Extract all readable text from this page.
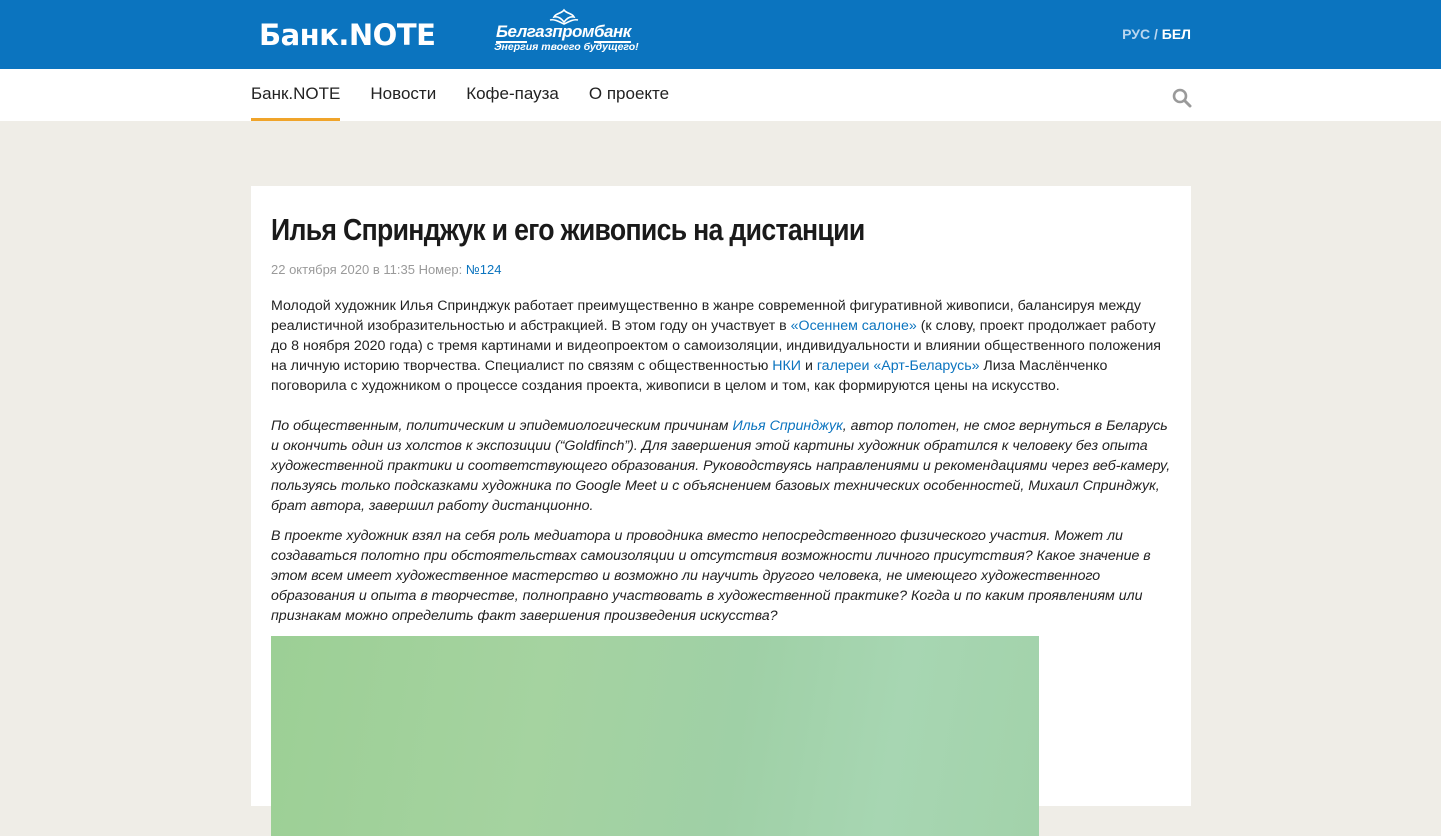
Банк.NOTE	Белгазпромбанк
Энергия твоего будущего!
РУС / БЕЛ
Банк.NOTE Новости Кофе-пауза О проекте
Илья Спринджук и его живопись на дистанции
22 октября 2020 в 11:35 Номер: №124

Молодой художник Илья Спринджук работает преимущественно в жанре современной фигуративной живописи, балансируя между реалистичной изобразительностью и абстракцией. В этом году он участвует в «Осеннем салоне» (к слову, проект продолжает работу до 8 ноября 2020 года) с тремя картинами и видеопроектом о самоизоляции, индивидуальности и влиянии общественного положения на личную историю творчества. Специалист по связям с общественностью НКИ и галереи «Арт-Беларусь» Лиза Маслёнченко поговорила с художником о процессе создания проекта, живописи в целом и том, как формируются цены на искусство.

По общественным, политическим и эпидемиологическим причинам Илья Спринджук, автор полотен, не смог вернуться в Беларусь и окончить один из холстов к экспозиции (“Goldfinch”). Для завершения этой картины художник обратился к человеку без опыта художественной практики и соответствующего образования. Руководствуясь направлениями и рекомендациями через веб-камеру, пользуясь только подсказками художника по Google Meet и с объяснением базовых технических особенностей, Михаил Спринджук, брат автора, завершил работу дистанционно.

В проекте художник взял на себя роль медиатора и проводника вместо непосредственного физического участия. Может ли создаваться полотно при обстоятельствах самоизоляции и отсутствия возможности личного присутствия? Какое значение в этом всем имеет художественное мастерство и возможно ли научить другого человека, не имеющего художественного образования и опыта в творчестве, полноправно участвовать в художественной практике? Когда и по каким проявлениям или признакам можно определить факт завершения произведения искусства?
